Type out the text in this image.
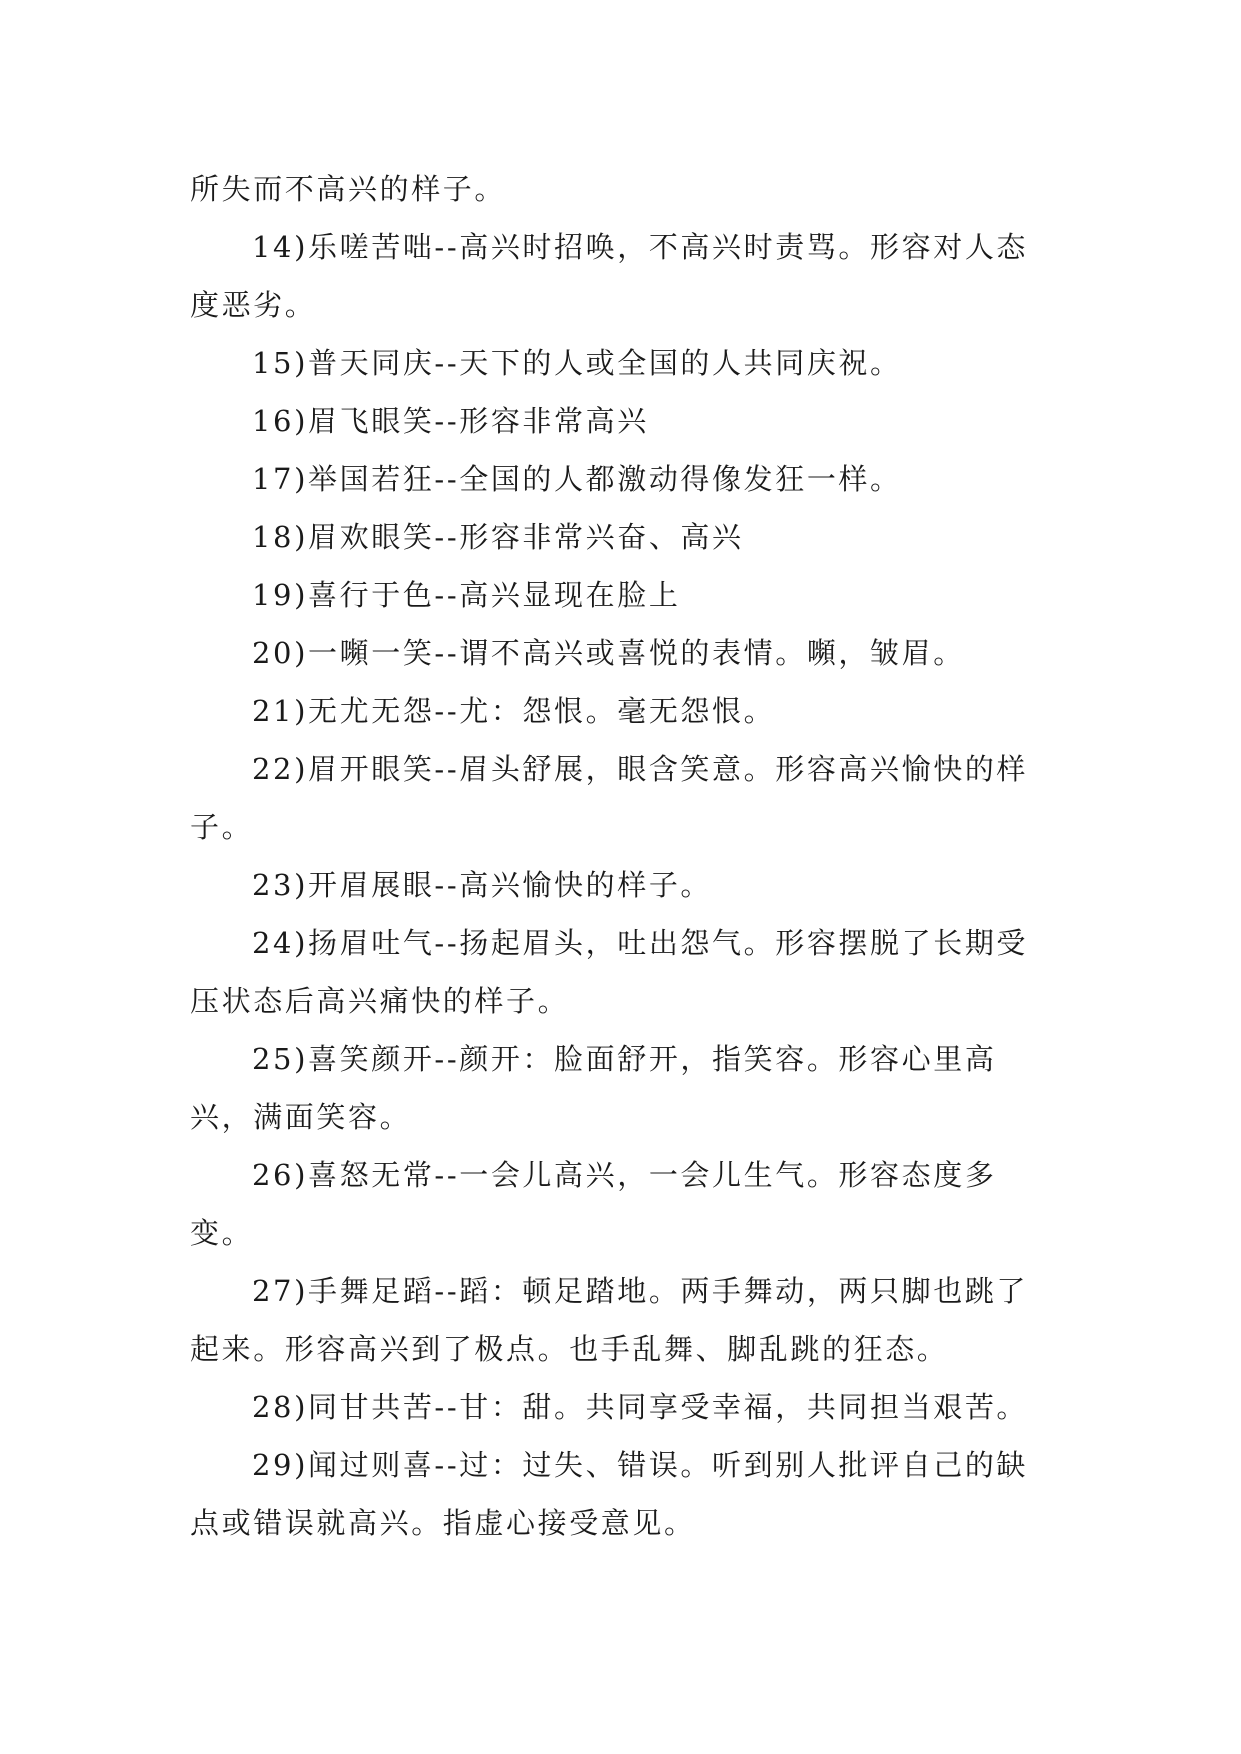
所失而不高兴的样子。

14)乐嗟苦咄--高兴时招唤，不高兴时责骂。形容对人态度恶劣。

15)普天同庆--天下的人或全国的人共同庆祝。

16)眉飞眼笑--形容非常高兴

17)举国若狂--全国的人都激动得像发狂一样。

18)眉欢眼笑--形容非常兴奋、高兴

19)喜行于色--高兴显现在脸上

20)一嚬一笑--谓不高兴或喜悦的表情。嚬，皱眉。

21)无尤无怨--尤：怨恨。毫无怨恨。

22)眉开眼笑--眉头舒展，眼含笑意。形容高兴愉快的样子。

23)开眉展眼--高兴愉快的样子。

24)扬眉吐气--扬起眉头，吐出怨气。形容摆脱了长期受压状态后高兴痛快的样子。

25)喜笑颜开--颜开：脸面舒开，指笑容。形容心里高兴，满面笑容。

26)喜怒无常--一会儿高兴，一会儿生气。形容态度多变。

27)手舞足蹈--蹈：顿足踏地。两手舞动，两只脚也跳了起来。形容高兴到了极点。也手乱舞、脚乱跳的狂态。

28)同甘共苦--甘：甜。共同享受幸福，共同担当艰苦。

29)闻过则喜--过：过失、错误。听到别人批评自己的缺点或错误就高兴。指虚心接受意见。
